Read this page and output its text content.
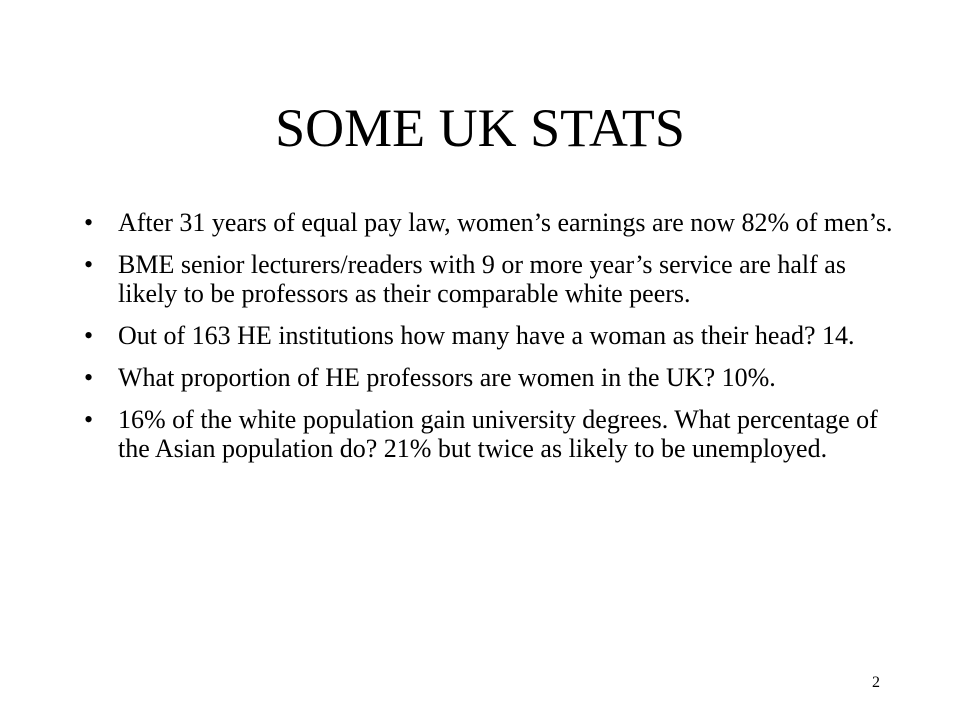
SOME UK STATS
• After 31 years of equal pay law, women’s earnings are now 82% of men’s.
• BME senior lecturers/readers with 9 or more year’s service are half as likely to be professors as their comparable white peers.
• Out of 163 HE institutions how many have a woman as their head? 14.
• What proportion of HE professors are women in the UK? 10%.
• 16% of the white population gain university degrees. What percentage of the Asian population do? 21% but twice as likely to be unemployed.
2
